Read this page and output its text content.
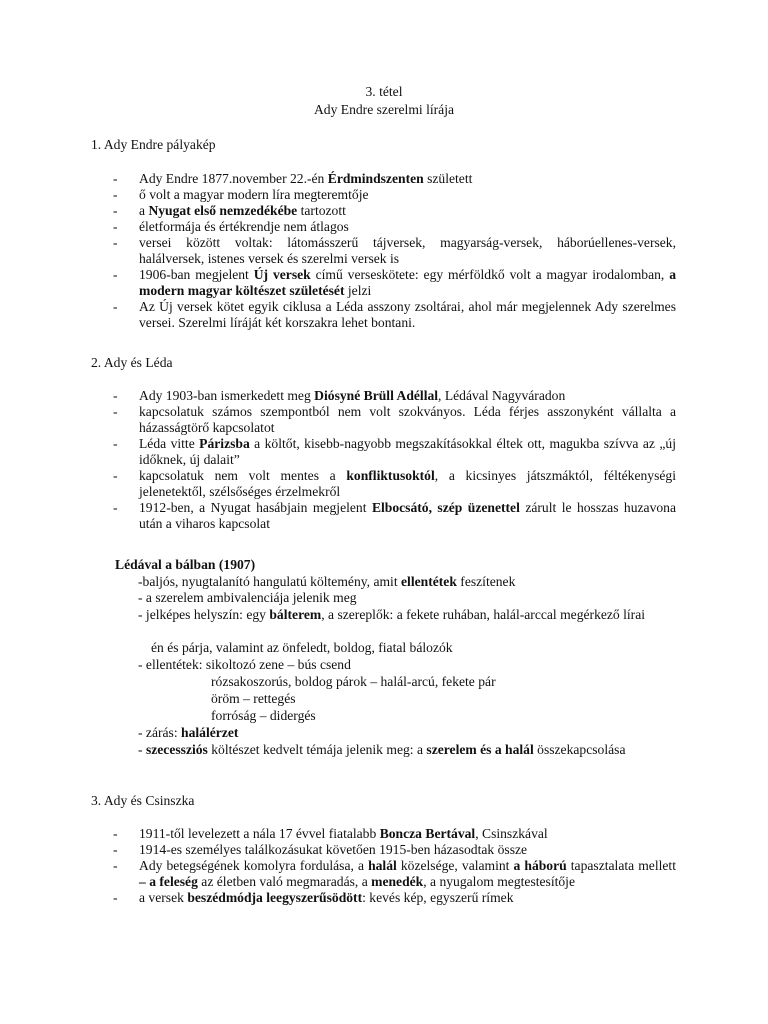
3. tétel
Ady Endre szerelmi lírája
1. Ady Endre pályakép
- Ady Endre 1877.november 22.-én Érdmindszenten született
- ő volt a magyar modern líra megteremtője
- a Nyugat első nemzedékébe tartozott
- életformája és értékrendje nem átlagos
- versei között voltak: látomásszerű tájversek, magyarság-versek, háborúellenes-versek, halálversek, istenes versek és szerelmi versek is
- 1906-ban megjelent Új versek című verseskötete: egy mérföldkő volt a magyar irodalomban, a modern magyar költészet születését jelzi
- Az Új versek kötet egyik ciklusa a Léda asszony zsoltárai, ahol már megjelennek Ady szerelmes versei. Szerelmi líráját két korszakra lehet bontani.
2. Ady és Léda
- Ady 1903-ban ismerkedett meg Diósyné Brüll Adéllal, Lédával Nagyváradon
- kapcsolatuk számos szempontból nem volt szokványos. Léda férjes asszonyként vállalta a házasságtörő kapcsolatot
- Léda vitte Párizsba a költőt, kisebb-nagyobb megszakításokkal éltek ott, magukba szívva az „új időknek, új dalait”
- kapcsolatuk nem volt mentes a konfliktusoktól, a kicsinyes játszmáktól, féltékenységi jelenetektől, szélsőséges érzelmekről
- 1912-ben, a Nyugat hasábjain megjelent Elbocsátó, szép üzenettel zárult le hosszas huzavona után a viharos kapcsolat
Lédával a bálban (1907)
-baljós, nyugtalanító hangulatú költemény, amit ellentétek feszítenek
- a szerelem ambivalenciája jelenik meg
- jelképes helyszín: egy bálterem, a szereplők: a fekete ruhában, halál-arccal megérkező lírai
én és párja, valamint az önfeledt, boldog, fiatal bálozók
- ellentétek: sikoltozó zene – bús csend
rózsakoszorús, boldog párok – halál-arcú, fekete pár
öröm – rettegés
forróság – didergés
- zárás: halálérzet
- szecessziós költészet kedvelt témája jelenik meg: a szerelem és a halál összekapcsolása
3. Ady és Csinszka
- 1911-től levelezett a nála 17 évvel fiatalabb Boncza Bertával, Csinszkával
- 1914-es személyes találkozásukat követően 1915-ben házasodtak össze
- Ady betegségének komolyra fordulása, a halál közelsége, valamint a háború tapasztalata mellett – a feleség az életben való megmaradás, a menedék, a nyugalom megtestesítője
- a versek beszédmódja leegyszerűsödött: kevés kép, egyszerű rímek
